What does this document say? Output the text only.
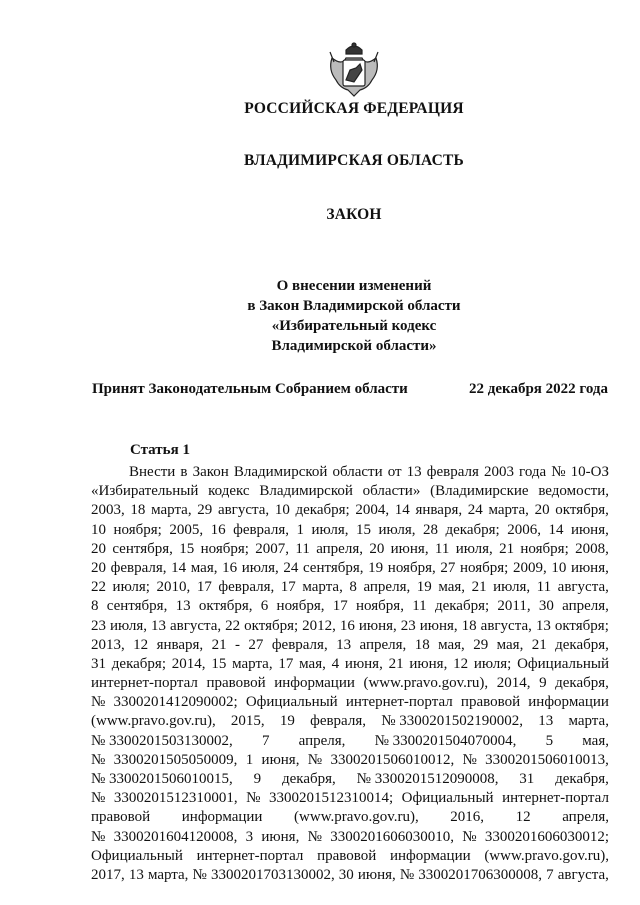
РОССИЙСКАЯ ФЕДЕРАЦИЯ
ВЛАДИМИРСКАЯ ОБЛАСТЬ
ЗАКОН
О внесении изменений
в Закон Владимирской области
«Избирательный кодекс
Владимирской области»
Принят Законодательным Собранием области	22 декабря 2022 года
Статья 1
Внести в Закон Владимирской области от 13 февраля 2003 года № 10-ОЗ
«Избирательный кодекс Владимирской области» (Владимирские ведомости,
2003, 18 марта, 29 августа, 10 декабря; 2004, 14 января, 24 марта, 20 октября,
10 ноября; 2005, 16 февраля, 1 июля, 15 июля, 28 декабря; 2006, 14 июня,
20 сентября, 15 ноября; 2007, 11 апреля, 20 июня, 11 июля, 21 ноября; 2008,
20 февраля, 14 мая, 16 июля, 24 сентября, 19 ноября, 27 ноября; 2009, 10 июня,
22 июля; 2010, 17 февраля, 17 марта, 8 апреля, 19 мая, 21 июля, 11 августа,
8 сентября, 13 октября, 6 ноября, 17 ноября, 11 декабря; 2011, 30 апреля,
23 июля, 13 августа, 22 октября; 2012, 16 июня, 23 июня, 18 августа, 13 октября;
2013, 12 января, 21 - 27 февраля, 13 апреля, 18 мая, 29 мая, 21 декабря,
31 декабря; 2014, 15 марта, 17 мая, 4 июня, 21 июня, 12 июля; Официальный
интернет-портал правовой информации (www.pravo.gov.ru), 2014, 9 декабря,
№ 3300201412090002; Официальный интернет-портал правовой информации
(www.pravo.gov.ru), 2015, 19 февраля, № 3300201502190002, 13 марта,
№ 3300201503130002, 7 апреля, № 3300201504070004, 5 мая,
№ 3300201505050009, 1 июня, № 3300201506010012, № 3300201506010013,
№ 3300201506010015, 9 декабря, № 3300201512090008, 31 декабря,
№ 3300201512310001, № 3300201512310014; Официальный интернет-портал
правовой информации (www.pravo.gov.ru), 2016, 12 апреля,
№ 3300201604120008, 3 июня, № 3300201606030010, № 3300201606030012;
Официальный интернет-портал правовой информации (www.pravo.gov.ru),
2017, 13 марта, № 3300201703130002, 30 июня, № 3300201706300008, 7 августа,
